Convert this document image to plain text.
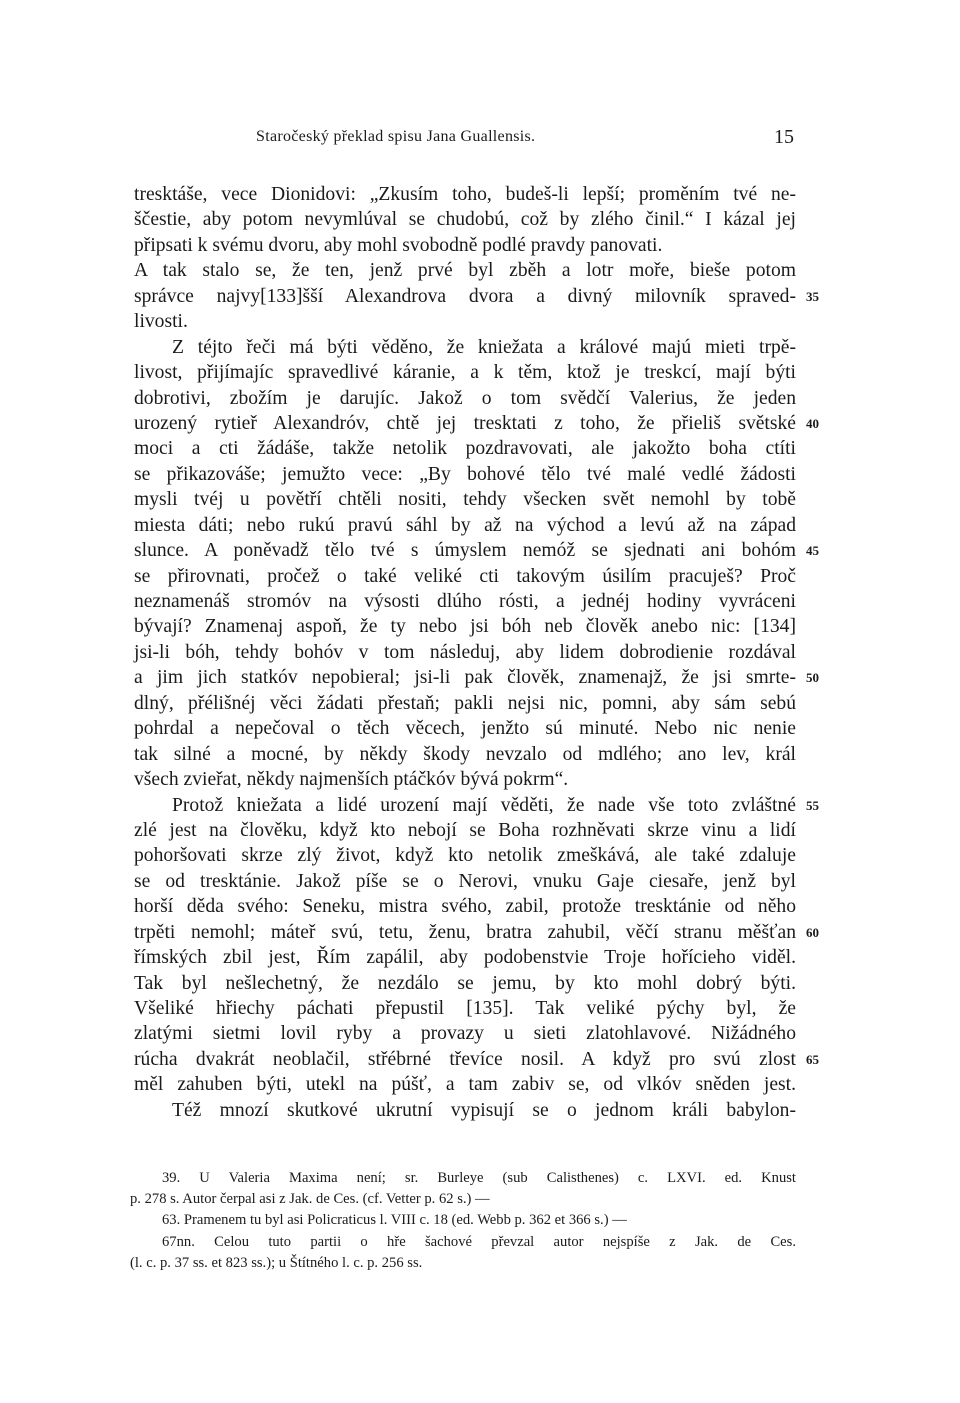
Staročeský překlad spisu Jana Guallensis.	15
tresktáše, vece Dionidovi: „Zkusím toho, budeš-li lepší; proměním tvé ne-
ščestie, aby potom nevymlúval se chudobú, což by zlého činil.“ I kázal jej
připsati k svému dvoru, aby mohl svobodně podlé pravdy panovati.
A tak stalo se, že ten, jenž prvé byl zběh a lotr moře, bieše potom
správce najvy[133]šší Alexandrova dvora a divný milovník spraved- 35
livosti.
Z téjto řeči má býti věděno, že kniežata a králové majú mieti trpě-
livost, přijímajíc spravedlivé káranie, a k těm, ktož je treskcí, mají býti
dobrotivi, zbožím je darujíc. Jakož o tom svědčí Valerius, že jeden
urozený rytieř Alexandróv, chtě jej tresktati z toho, že přieliš světské 40
moci a cti žádáše, takže netolik pozdravovati, ale jakožto boha ctíti
se přikazováše; jemužto vece: „By bohové tělo tvé malé vedlé žádosti
mysli tvéj u povětří chtěli nositi, tehdy všecken svět nemohl by tobě
miesta dáti; nebo rukú pravú sáhl by až na východ a levú až na západ
slunce. A poněvadž tělo tvé s úmyslem nemóž se sjednati ani bohóm 45
se přirovnati, pročež o také veliké cti takovým úsilím pracuješ? Proč
neznamenáš stromóv na výsosti dlúho rósti, a jednéj hodiny vyvráceni
bývají? Znamenaj aspoň, že ty nebo jsi bóh neb člověk anebo nic: [134]
jsi-li bóh, tehdy bohóv v tom následuj, aby lidem dobrodienie rozdával
a jim jich statkóv nepobieral; jsi-li pak člověk, znamenajž, že jsi smrte- 50
dlný, přélišnéj věci žádati přestaň; pakli nejsi nic, pomni, aby sám sebú
pohrdal a nepečoval o těch věcech, jenžto sú minuté. Nebo nic nenie
tak silné a mocné, by někdy škody nevzalo od mdlého; ano lev, král
všech zvieřat, někdy najmenších ptáčkóv bývá pokrm“.
Protož kniežata a lidé urození mají věděti, že nade vše toto zvláštné 55
zlé jest na člověku, když kto nebojí se Boha rozhněvati skrze vinu a lidí
pohoršovati skrze zlý život, když kto netolik zmeškává, ale také zdaluje
se od tresktánie. Jakož píše se o Nerovi, vnuku Gaje ciesaře, jenž byl
horší děda svého: Seneku, mistra svého, zabil, protože tresktánie od něho
trpěti nemohl; máteř svú, tetu, ženu, bratra zahubil, věčí stranu měšťan 60
římských zbil jest, Řím zapálil, aby podobenstvie Troje hořícieho viděl.
Tak byl nešlechetný, že nezdálo se jemu, by kto mohl dobrý býti.
Všeliké hřiechy páchati přepustil [135]. Tak veliké pýchy byl, že
zlatými sietmi lovil ryby a provazy u sieti zlatohlavové. Nižádného
rúcha dvakrát neoblačil, střébrné třevíce nosil. A když pro svú zlost 65
měl zahuben býti, utekl na púšť, a tam zabiv se, od vlkóv sněden jest.
Též mnozí skutkové ukrutní vypisují se o jednom králi babylon-
39. U Valeria Maxima není; sr. Burleye (sub Calisthenes) c. LXVI. ed. Knust
p. 278 s. Autor čerpal asi z Jak. de Ces. (cf. Vetter p. 62 s.) —
63. Pramenem tu byl asi Policraticus l. VIII c. 18 (ed. Webb p. 362 et 366 s.) —
67nn. Celou tuto partii o hře šachové převzal autor nejspíše z Jak. de Ces.
(l. c. p. 37 ss. et 823 ss.); u Štítného l. c. p. 256 ss.
